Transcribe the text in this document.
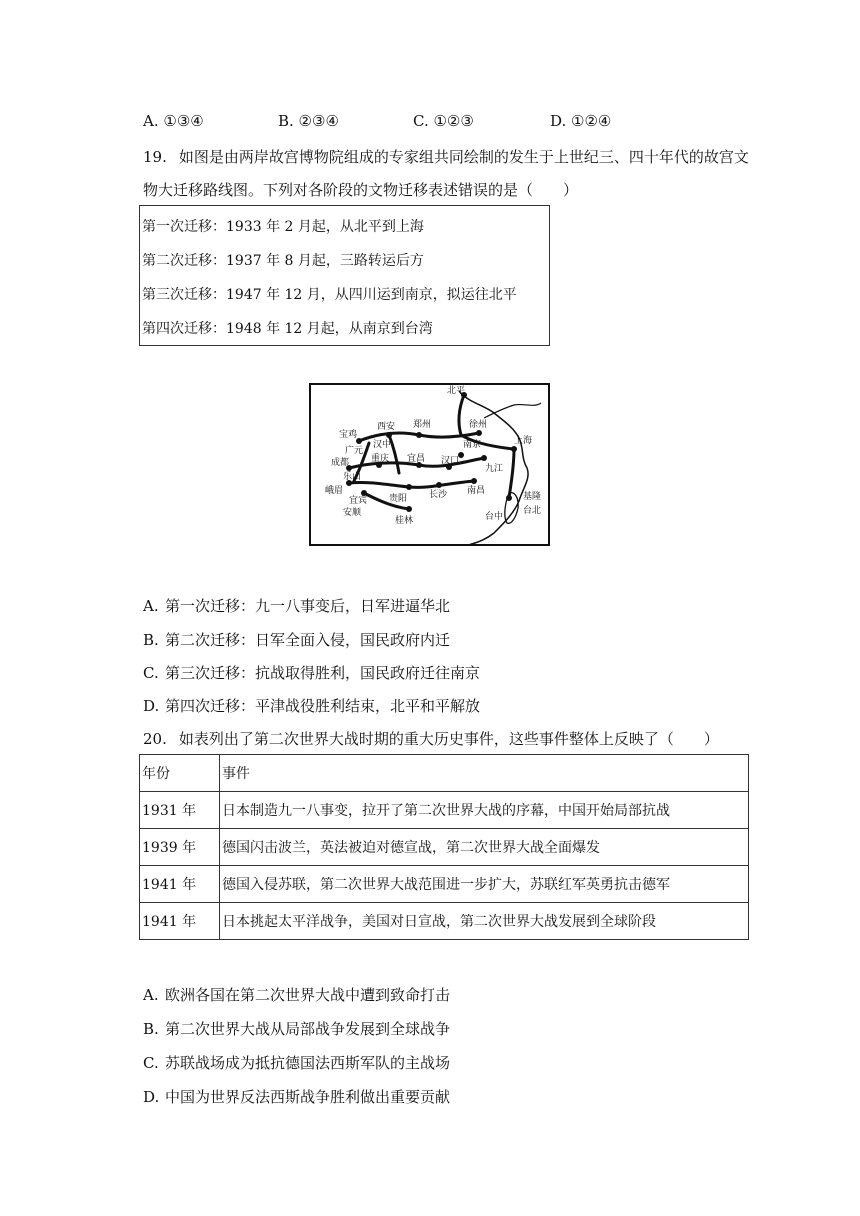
A. ①③④	B. ②③④	C. ①②③	D. ①②④
19. 如图是由两岸故宫博物院组成的专家组共同绘制的发生于上世纪三、四十年代的故宫文
物大迁移路线图。下列对各阶段的文物迁移表述错误的是（　　）
第一次迁移：1933 年 2 月起，从北平到上海
第二次迁移：1937 年 8 月起，三路转运后方
第三次迁移：1947 年 12 月，从四川运到南京，拟运往北平
第四次迁移：1948 年 12 月起，从南京到台湾
北平
宝鸡
西安 郑州	徐州
广元
汉中	南京	上海
成都 重庆 宜昌 汉口
九江
峨眉
乐山
长沙 南昌
宜宾 贵阳
安顺
桂林
基隆
台中
台北
A. 第一次迁移：九一八事变后，日军进逼华北
B. 第二次迁移：日军全面入侵，国民政府内迁
C. 第三次迁移：抗战取得胜利，国民政府迁往南京
D. 第四次迁移：平津战役胜利结束，北平和平解放
20. 如表列出了第二次世界大战时期的重大历史事件，这些事件整体上反映了（　　）
年份	事件
1931 年	日本制造九一八事变，拉开了第二次世界大战的序幕，中国开始局部抗战
1939 年	德国闪击波兰，英法被迫对德宣战，第二次世界大战全面爆发
1941 年	德国入侵苏联，第二次世界大战范围进一步扩大，苏联红军英勇抗击德军
1941 年	日本挑起太平洋战争，美国对日宣战，第二次世界大战发展到全球阶段
A. 欧洲各国在第二次世界大战中遭到致命打击
B. 第二次世界大战从局部战争发展到全球战争
C. 苏联战场成为抵抗德国法西斯军队的主战场
D. 中国为世界反法西斯战争胜利做出重要贡献
